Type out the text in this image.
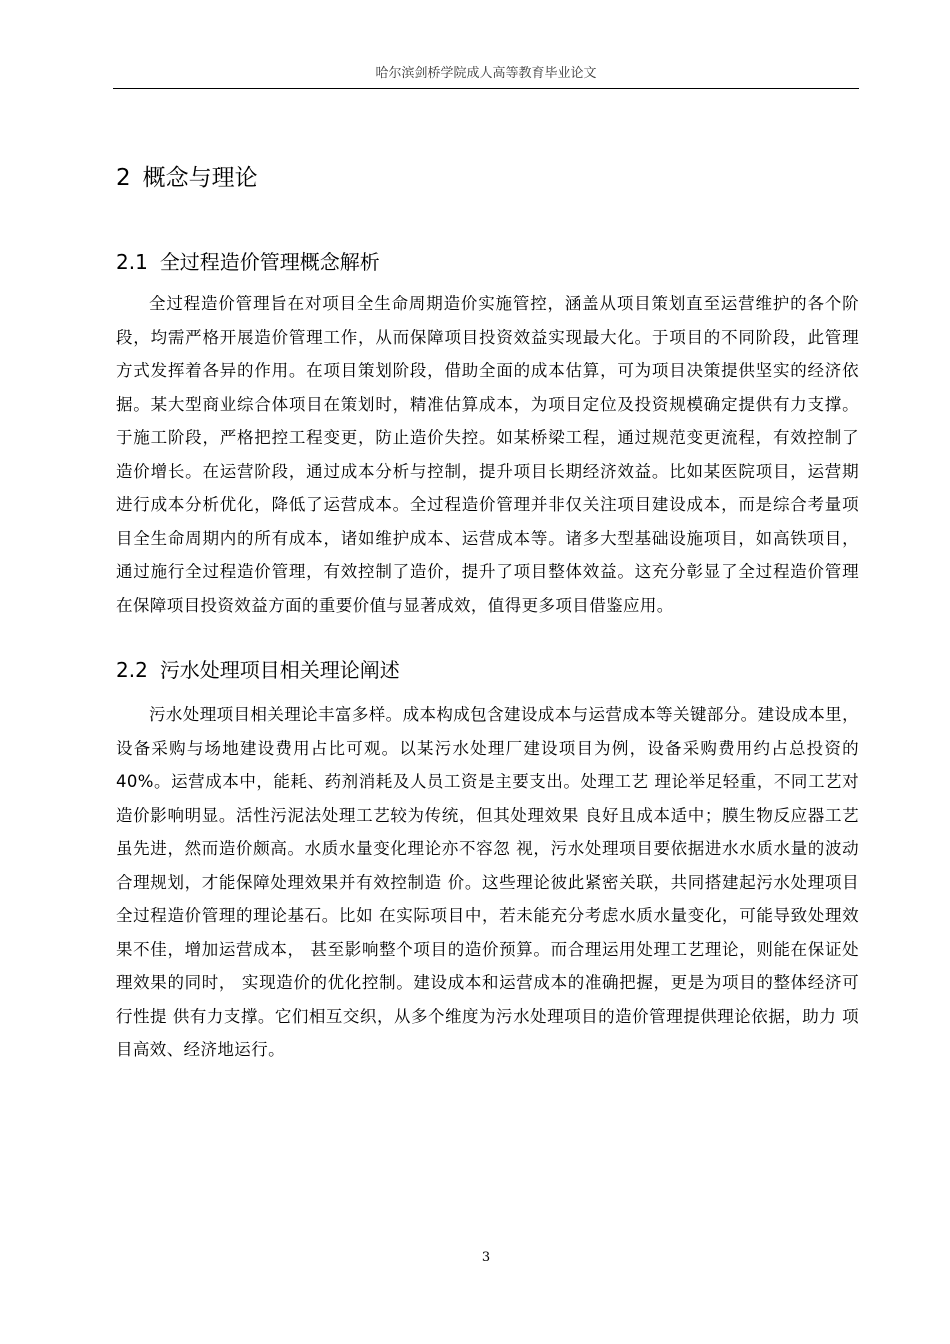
哈尔滨剑桥学院成人高等教育毕业论文
2 概念与理论
2.1 全过程造价管理概念解析

全过程造价管理旨在对项目全生命周期造价实施管控，涵盖从项目策划直至运营维护的各个阶段，均需严格开展造价管理工作，从而保障项目投资效益实现最大化。于项目的不同阶段，此管理方式发挥着各异的作用。在项目策划阶段，借助全面的成本估算，可为项目决策提供坚实的经济依据。某大型商业综合体项目在策划时，精准估算成本，为项目定位及投资规模确定提供有力支撑。于施工阶段，严格把控工程变更，防止造价失控。如某桥梁工程，通过规范变更流程，有效控制了造价增长。在运营阶段，通过成本分析与控制，提升项目长期经济效益。比如某医院项目，运营期进行成本分析优化，降低了运营成本。全过程造价管理并非仅关注项目建设成本，而是综合考量项目全生命周期内的所有成本，诸如维护成本、运营成本等。诸多大型基础设施项目，如高铁项目，通过施行全过程造价管理，有效控制了造价，提升了项目整体效益。这充分彰显了全过程造价管理在保障项目投资效益方面的重要价值与显著成效，值得更多项目借鉴应用。

2.2 污水处理项目相关理论阐述

污水处理项目相关理论丰富多样。成本构成包含建设成本与运营成本等关键部分。建设成本里，设备采购与场地建设费用占比可观。以某污水处理厂建设项目为例，设备采购费用约占总投资的 40%。运营成本中，能耗、药剂消耗及人员工资是主要支出。处理工艺 理论举足轻重，不同工艺对造价影响明显。活性污泥法处理工艺较为传统，但其处理效果 良好且成本适中；膜生物反应器工艺虽先进，然而造价颇高。水质水量变化理论亦不容忽 视，污水处理项目要依据进水水质水量的波动合理规划，才能保障处理效果并有效控制造 价。这些理论彼此紧密关联，共同搭建起污水处理项目全过程造价管理的理论基石。比如 在实际项目中，若未能充分考虑水质水量变化，可能导致处理效果不佳，增加运营成本， 甚至影响整个项目的造价预算。而合理运用处理工艺理论，则能在保证处理效果的同时， 实现造价的优化控制。建设成本和运营成本的准确把握，更是为项目的整体经济可行性提 供有力支撑。它们相互交织，从多个维度为污水处理项目的造价管理提供理论依据，助力 项目高效、经济地运行。

3
